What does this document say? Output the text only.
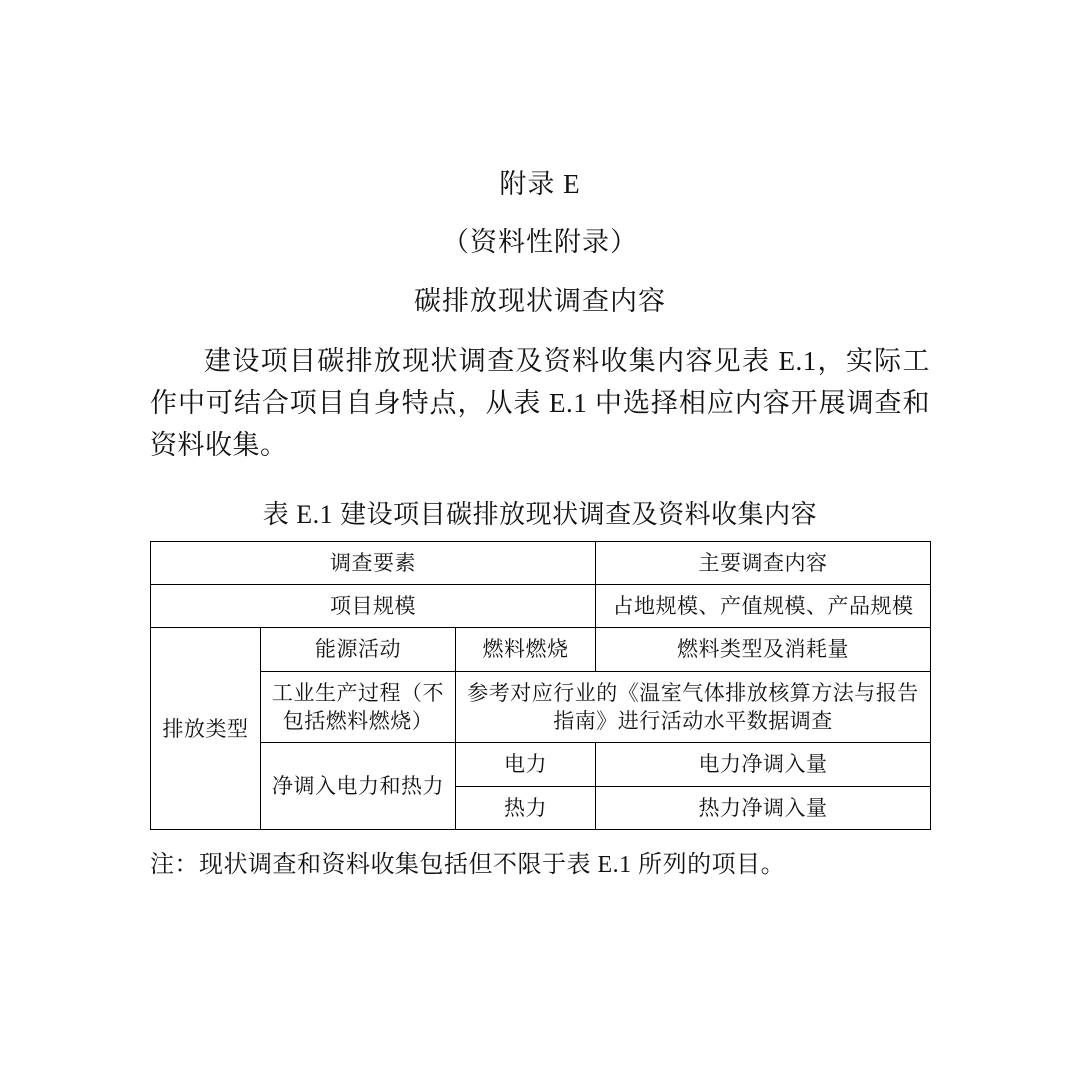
附录 E
（资料性附录）
碳排放现状调查内容

建设项目碳排放现状调查及资料收集内容见表 E.1，实际工作中可结合项目自身特点，从表 E.1 中选择相应内容开展调查和资料收集。

表 E.1 建设项目碳排放现状调查及资料收集内容
调查要素			主要调查内容
项目规模			占地规模、产值规模、产品规模
排放类型	能源活动	燃料燃烧	燃料类型及消耗量
	工业生产过程（不包括燃料燃烧）	参考对应行业的《温室气体排放核算方法与报告指南》进行活动水平数据调查	
	净调入电力和热力	电力	电力净调入量
		热力	热力净调入量
注：现状调查和资料收集包括但不限于表 E.1 所列的项目。
